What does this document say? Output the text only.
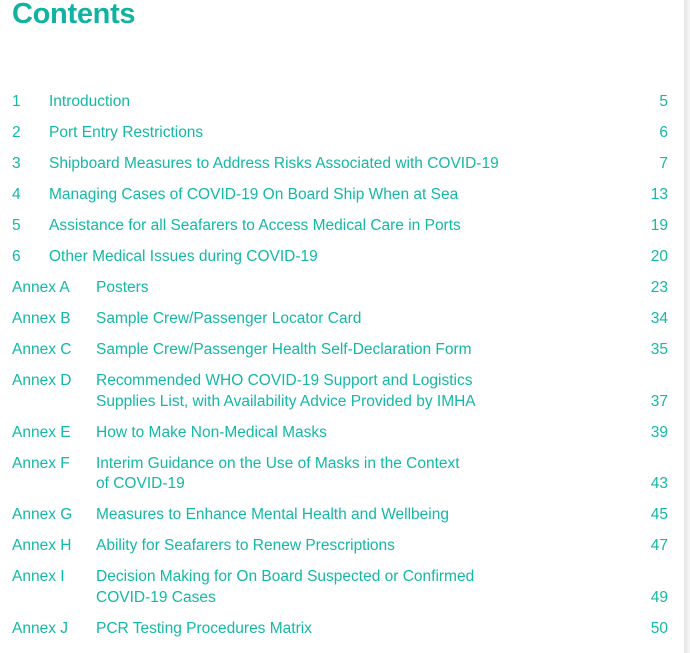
Contents
1	Introduction	5
2	Port Entry Restrictions	6
3	Shipboard Measures to Address Risks Associated with COVID-19	7
4	Managing Cases of COVID-19 On Board Ship When at Sea	13
5	Assistance for all Seafarers to Access Medical Care in Ports	19
6	Other Medical Issues during COVID-19	20
Annex A	Posters	23
Annex B	Sample Crew/Passenger Locator Card	34
Annex C	Sample Crew/Passenger Health Self-Declaration Form	35
Annex D	Recommended WHO COVID-19 Support and Logistics
Supplies List, with Availability Advice Provided by IMHA	37
Annex E	How to Make Non-Medical Masks	39
Annex F	Interim Guidance on the Use of Masks in the Context
of COVID-19	43
Annex G	Measures to Enhance Mental Health and Wellbeing	45
Annex H	Ability for Seafarers to Renew Prescriptions	47
Annex I	Decision Making for On Board Suspected or Confirmed
COVID-19 Cases	49
Annex J	PCR Testing Procedures Matrix	50
